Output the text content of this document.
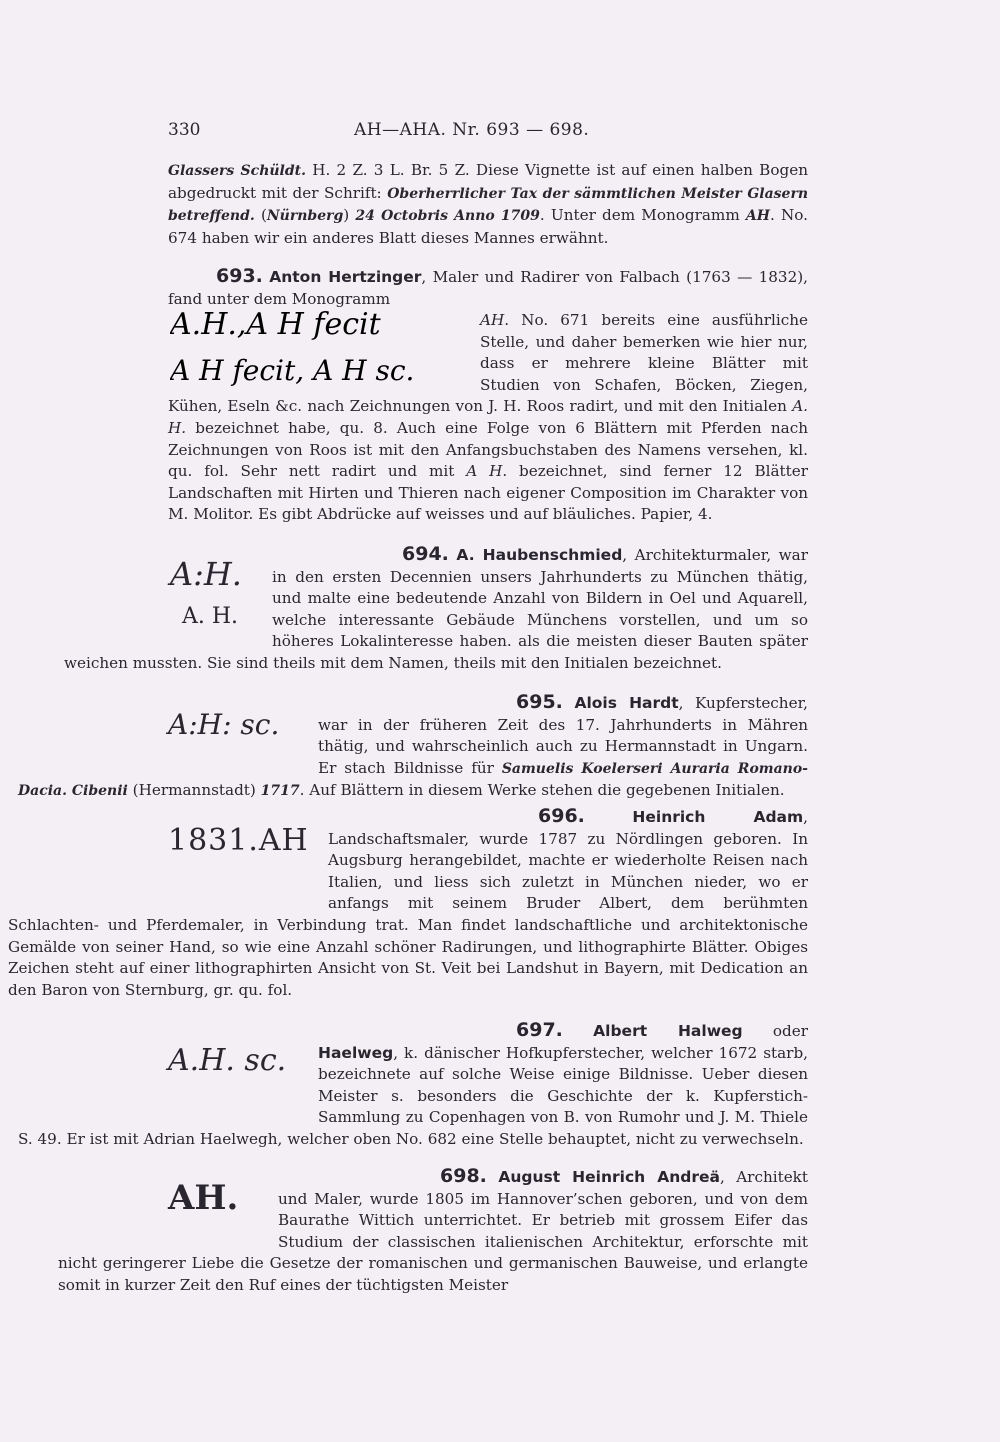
330	AH—AHA. Nr. 693 — 698.

Glassers Schüldt. H. 2 Z. 3 L. Br. 5 Z. Diese Vignette ist auf einen halben Bogen abgedruckt mit der Schrift: Oberherrlicher Tax der sämmtlichen Meister Glasern betreffend. (Nürnberg) 24 Octobris Anno 1709. Unter dem Monogramm AH. No. 674 haben wir ein anderes Blatt dieses Mannes erwähnt.

693. Anton Hertzinger, Maler und Radirer von Falbach (1763 — 1832), fand unter dem Monogramm

A.H.,A H fecit
A H fecit, A H sc.

AH. No. 671 bereits eine ausführliche Stelle, und daher bemerken wie hier nur, dass er mehrere kleine Blätter mit Studien von Schafen, Böcken, Ziegen, Kühen, Eseln &c. nach Zeichnungen von J. H. Roos radirt, und mit den Initialen A. H. bezeichnet habe, qu. 8. Auch eine Folge von 6 Blättern mit Pferden nach Zeichnungen von Roos ist mit den Anfangsbuchstaben des Namens versehen, kl. qu. fol. Sehr nett radirt und mit A H. bezeichnet, sind ferner 12 Blätter Landschaften mit Hirten und Thieren nach eigener Composition im Charakter von M. Molitor. Es gibt Abdrücke auf weisses und auf bläuliches. Papier, 4.

A:H.
A. H.

694. A. Haubenschmied, Architekturmaler, war in den ersten Decennien unsers Jahrhunderts zu München thätig, und malte eine bedeutende Anzahl von Bildern in Oel und Aquarell, welche interessante Gebäude Münchens vorstellen, und um so höheres Lokalinteresse haben. als die meisten dieser Bauten später weichen mussten. Sie sind theils mit dem Namen, theils mit den Initialen bezeichnet.

A:H: sc.

695. Alois Hardt, Kupferstecher, war in der früheren Zeit des 17. Jahrhunderts in Mähren thätig, und wahrscheinlich auch zu Hermannstadt in Ungarn. Er stach Bildnisse für Samuelis Koelerseri Auraria Romano-Dacia. Cibenii (Hermannstadt) 1717. Auf Blättern in diesem Werke stehen die gegebenen Initialen.

1831.AH

696.	Heinrich Adam, Landschaftsmaler, wurde 1787 zu Nördlingen geboren. In Augsburg herangebildet, machte er wiederholte Reisen nach Italien, und liess sich zuletzt in München nieder, wo er anfangs mit seinem Bruder Albert, dem berühmten Schlachten- und Pferdemaler, in Verbindung trat. Man findet landschaftliche und architektonische Gemälde von seiner Hand, so wie eine Anzahl schöner Radirungen, und lithographirte Blätter. Obiges Zeichen steht auf einer lithographirten Ansicht von St. Veit bei Landshut in Bayern, mit Dedication an den Baron von Sternburg, gr. qu. fol.

A.H. sc.

697. Albert Halweg oder Haelweg, k. dänischer Hofkupferstecher, welcher 1672 starb, bezeichnete auf solche Weise einige Bildnisse. Ueber diesen Meister s. besonders die Geschichte der k. Kupferstich-Sammlung zu Copenhagen von B. von Rumohr und J. M. Thiele S. 49. Er ist mit Adrian Haelwegh, welcher oben No. 682 eine Stelle behauptet, nicht zu verwechseln.

AH.

698. August Heinrich Andreä, Architekt und Maler, wurde 1805 im Hannover’schen geboren, und von dem Baurathe Wittich unterrichtet. Er betrieb mit grossem Eifer das Studium der classischen italienischen Architektur, erforschte mit nicht geringerer Liebe die Gesetze der romanischen und germanischen Bauweise, und erlangte somit in kurzer Zeit den Ruf eines der tüchtigsten Meister
